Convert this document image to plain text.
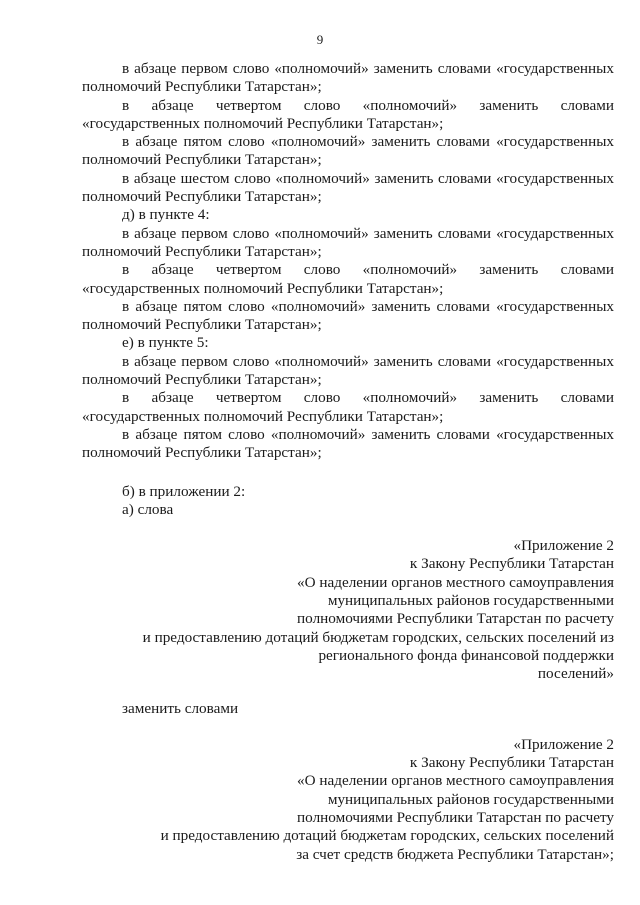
9
в абзаце первом слово «полномочий» заменить словами «государственных полномочий Республики Татарстан»;
в абзаце четвертом слово «полномочий» заменить словами «государственных полномочий Республики Татарстан»;
в абзаце пятом слово «полномочий» заменить словами «государственных полномочий Республики Татарстан»;
в абзаце шестом слово «полномочий» заменить словами «государственных полномочий Республики Татарстан»;
д) в пункте 4:
в абзаце первом слово «полномочий» заменить словами «государственных полномочий Республики Татарстан»;
в абзаце четвертом слово «полномочий» заменить словами «государственных полномочий Республики Татарстан»;
в абзаце пятом слово «полномочий» заменить словами «государственных полномочий Республики Татарстан»;
е) в пункте 5:
в абзаце первом слово «полномочий» заменить словами «государственных полномочий Республики Татарстан»;
в абзаце четвертом слово «полномочий» заменить словами «государственных полномочий Республики Татарстан»;
в абзаце пятом слово «полномочий» заменить словами «государственных полномочий Республики Татарстан»;
б) в приложении 2:
а) слова
«Приложение 2
к Закону Республики Татарстан
«О наделении органов местного самоуправления
муниципальных районов государственными
полномочиями Республики Татарстан по расчету
и предоставлению дотаций бюджетам городских, сельских поселений из
регионального фонда финансовой поддержки
поселений»
заменить словами
«Приложение 2
к Закону Республики Татарстан
«О наделении органов местного самоуправления
муниципальных районов государственными
полномочиями Республики Татарстан по расчету
и предоставлению дотаций бюджетам городских, сельских поселений
за счет средств бюджета Республики Татарстан»;
